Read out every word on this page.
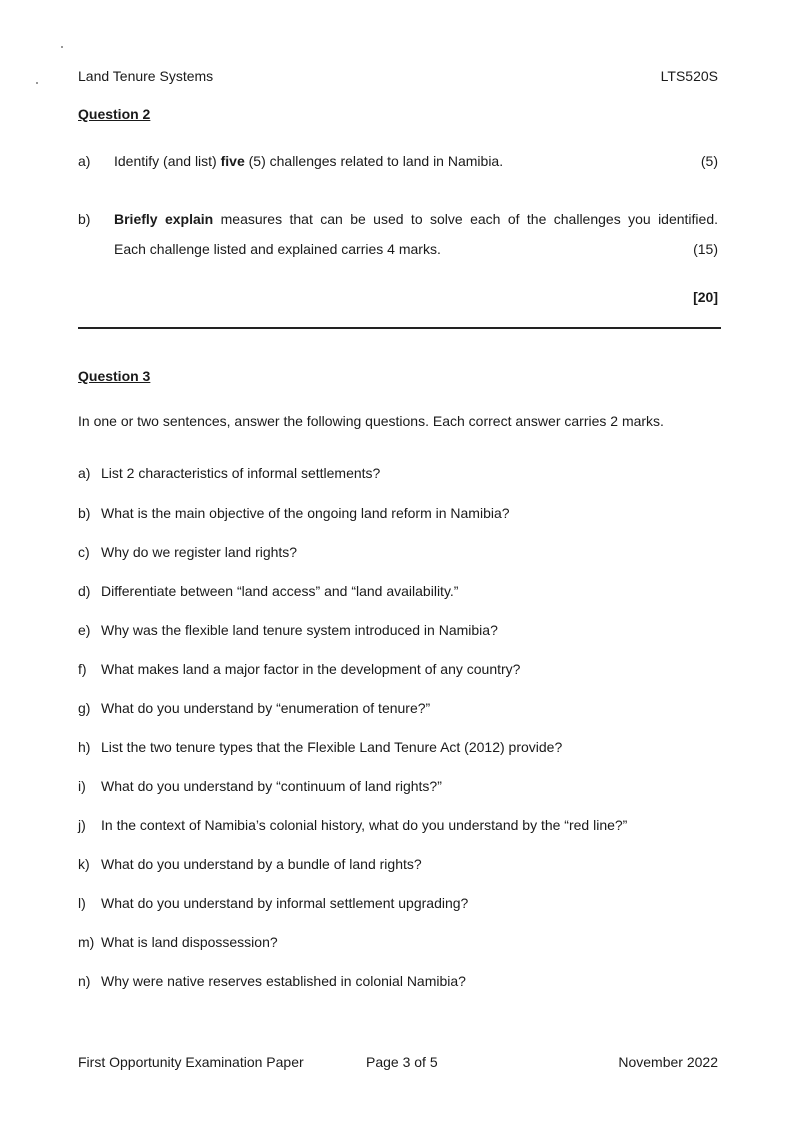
Land Tenure Systems	LTS520S
Question 2
a) Identify (and list) five (5) challenges related to land in Namibia.	(5)
b) Briefly explain measures that can be used to solve each of the challenges you identified.
Each challenge listed and explained carries 4 marks.	(15)
[20]
Question 3
In one or two sentences, answer the following questions. Each correct answer carries 2 marks.
a) List 2 characteristics of informal settlements?
b) What is the main objective of the ongoing land reform in Namibia?
c) Why do we register land rights?
d) Differentiate between “land access” and “land availability.”
e) Why was the flexible land tenure system introduced in Namibia?
f)	What makes land a major factor in the development of any country?
g) What do you understand by “enumeration of tenure?”
h) List the two tenure types that the Flexible Land Tenure Act (2012) provide?
i)	What do you understand by “continuum of land rights?”
j)	In the context of Namibia’s colonial history, what do you understand by the “red line?”
k) What do you understand by a bundle of land rights?
l)	What do you understand by informal settlement upgrading?
m) What is land dispossession?
n) Why were native reserves established in colonial Namibia?
First Opportunity Examination Paper	Page 3 of 5	November 2022
